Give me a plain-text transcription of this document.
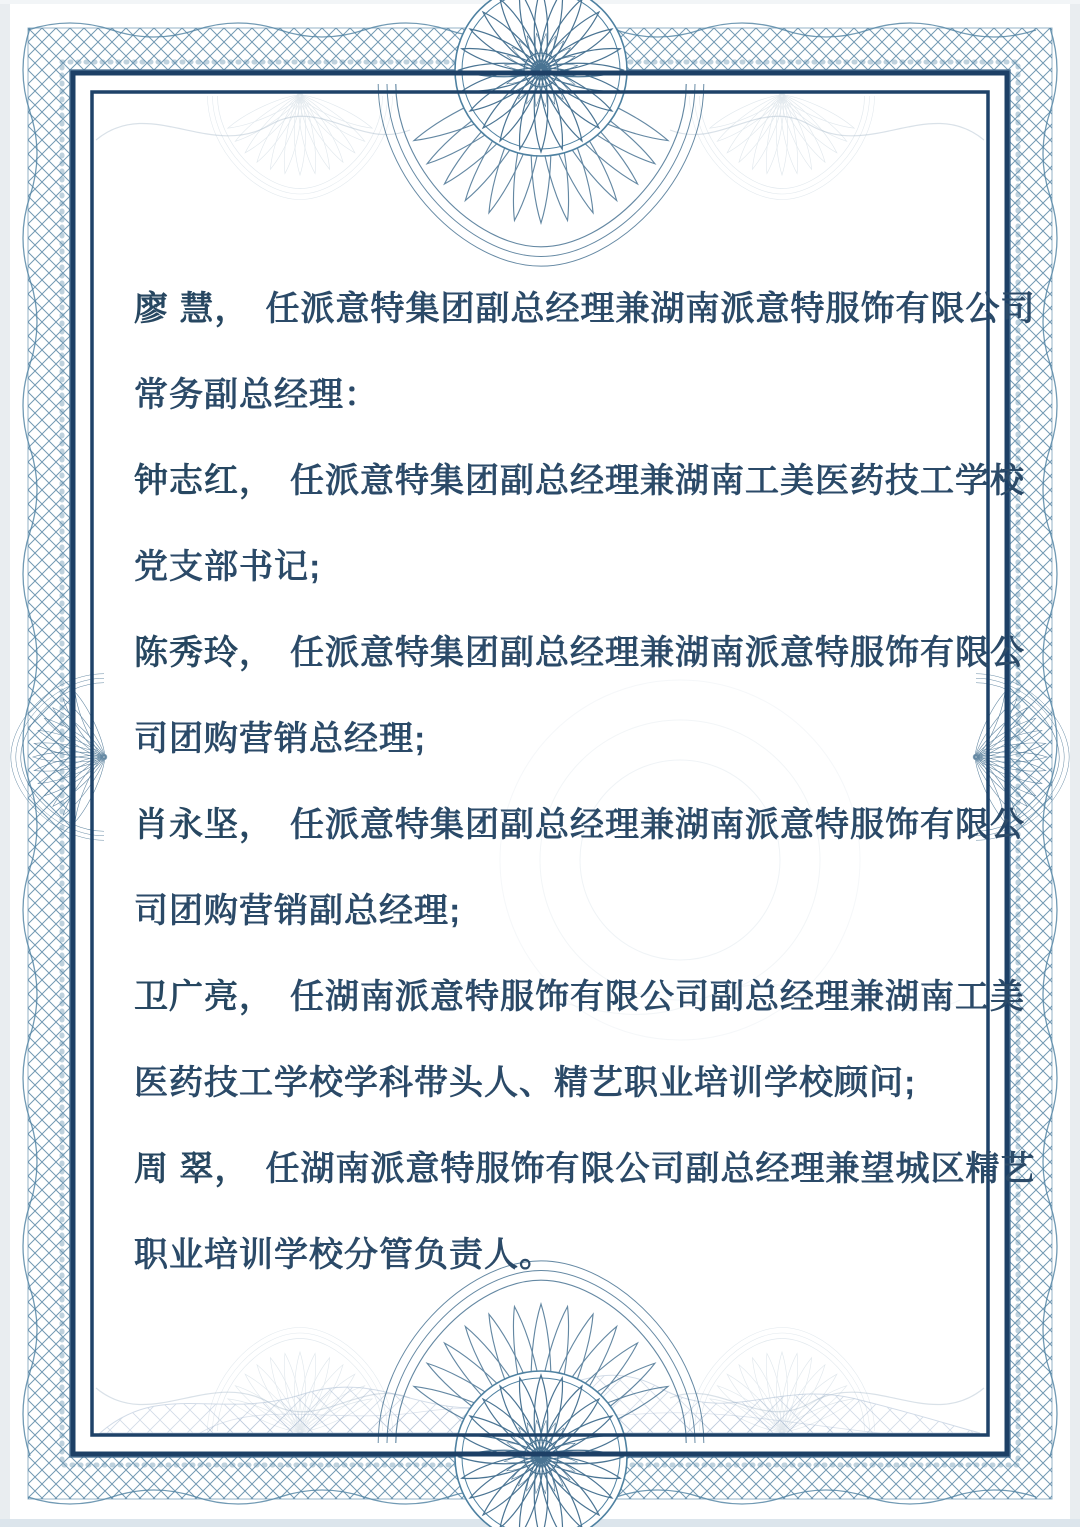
廖 慧， 任派意特集团副总经理兼湖南派意特服饰有限公司

常务副总经理：

钟志红， 任派意特集团副总经理兼湖南工美医药技工学校

党支部书记;

陈秀玲， 任派意特集团副总经理兼湖南派意特服饰有限公

司团购营销总经理;

肖永坚， 任派意特集团副总经理兼湖南派意特服饰有限公

司团购营销副总经理;

卫广亮， 任湖南派意特服饰有限公司副总经理兼湖南工美

医药技工学校学科带头人、精艺职业培训学校顾问;

周 翠， 任湖南派意特服饰有限公司副总经理兼望城区精艺

职业培训学校分管负责人。
